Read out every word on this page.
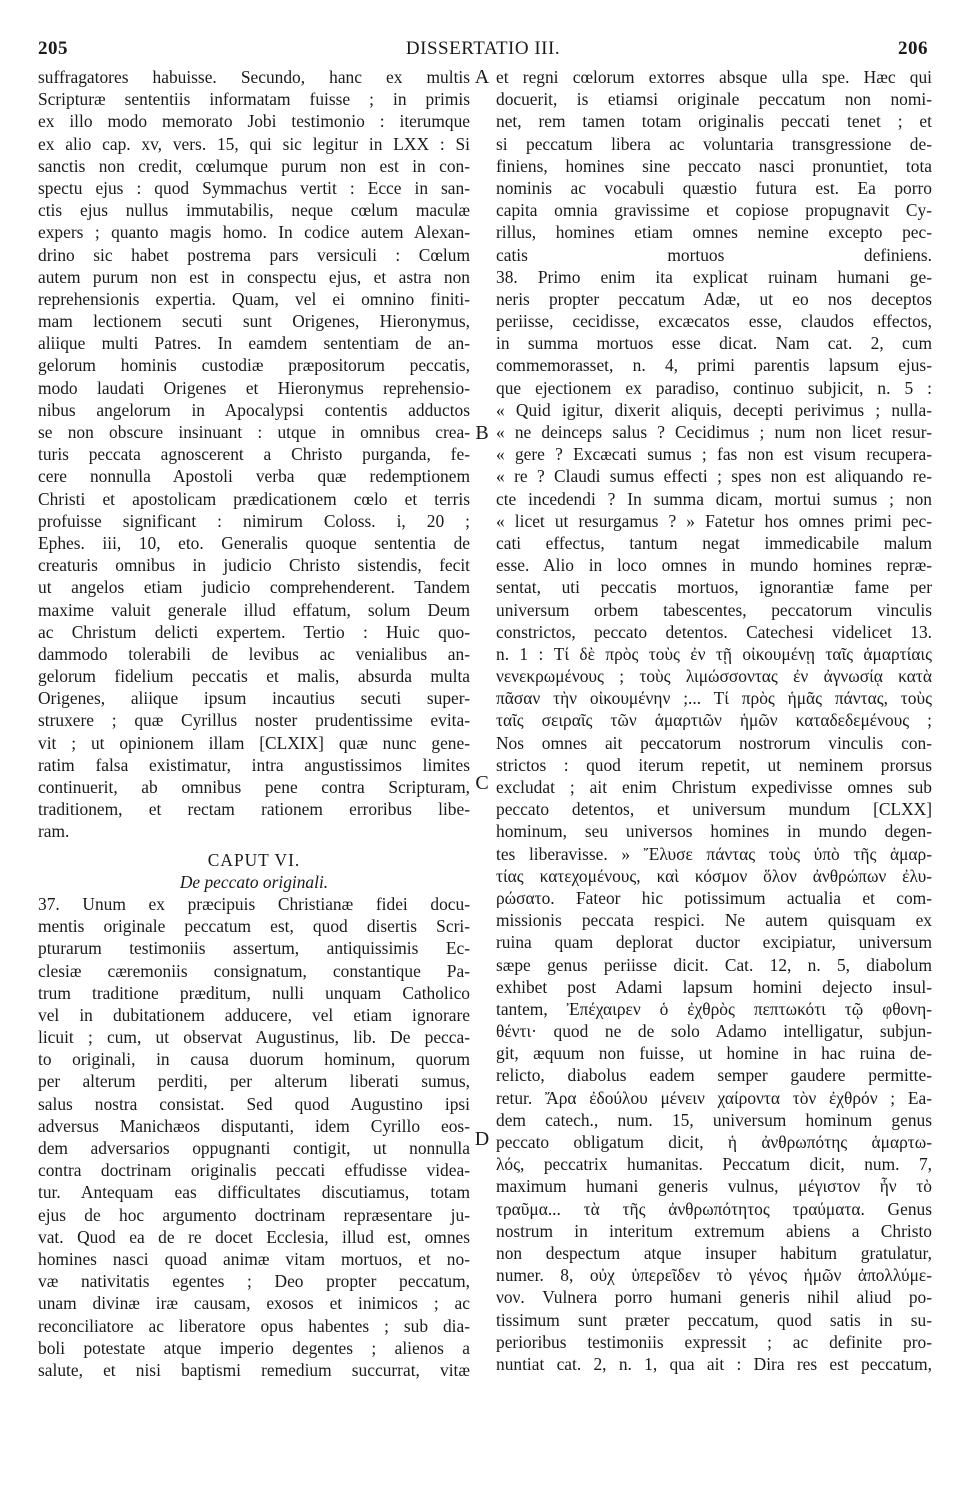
205	DISSERTATIO III.	206
suffragatores habuisse. Secundo, hanc ex multis
Scripturæ sententiis informatam fuisse ; in primis
ex illo modo memorato Jobi testimonio : iterumque
ex alio cap. xv, vers. 15, qui sic legitur in LXX : Si
sanctis non credit, cœlumque purum non est in con-
spectu ejus : quod Symmachus vertit : Ecce in san-
ctis ejus nullus immutabilis, neque cœlum maculæ
expers ; quanto magis homo. In codice autem Alexan-
drino sic habet postrema pars versiculi : Cœlum
autem purum non est in conspectu ejus, et astra non
reprehensionis expertia. Quam, vel ei omnino finiti-
mam lectionem secuti sunt Origenes, Hieronymus,
aliique multi Patres. In eamdem sententiam de an-
gelorum hominis custodiæ præpositorum peccatis,
modo laudati Origenes et Hieronymus reprehensio-
nibus angelorum in Apocalypsi contentis adductos
se non obscure insinuant : utque in omnibus crea-
turis peccata agnoscerent a Christo purganda, fe-
cere nonnulla Apostoli verba quæ redemptionem
Christi et apostolicam prædicationem cœlo et terris
profuisse significant : nimirum Coloss. i, 20 ;
Ephes. iii, 10, eto. Generalis quoque sententia de
creaturis omnibus in judicio Christo sistendis, fecit
ut angelos etiam judicio comprehenderent. Tandem
maxime valuit generale illud effatum, solum Deum
ac Christum delicti expertem. Tertio : Huic quo-
dammodo tolerabili de levibus ac venialibus an-
gelorum fidelium peccatis et malis, absurda multa
Origenes, aliique ipsum incautius secuti super-
struxere ; quæ Cyrillus noster prudentissime evita-
vit ; ut opinionem illam [CLXIX] quæ nunc gene-
ratim falsa existimatur, intra angustissimos limites
continuerit, ab omnibus pene contra Scripturam,
traditionem, et rectam rationem erroribus libe-
ram.
CAPUT VI.
De peccato originali.
37. Unum ex præcipuis Christianæ fidei docu-
mentis originale peccatum est, quod disertis Scri-
pturarum testimoniis assertum, antiquissimis Ec-
clesiæ cæremoniis consignatum, constantique Pa-
trum traditione præditum, nulli unquam Catholico
vel in dubitationem adducere, vel etiam ignorare
licuit ; cum, ut observat Augustinus, lib. De pecca-
to originali, in causa duorum hominum, quorum
per alterum perditi, per alterum liberati sumus,
salus nostra consistat. Sed quod Augustino ipsi
adversus Manichæos disputanti, idem Cyrillo eos-
dem adversarios oppugnanti contigit, ut nonnulla
contra doctrinam originalis peccati effudisse videa-
tur. Antequam eas difficultates discutiamus, totam
ejus de hoc argumento doctrinam repræsentare ju-
vat. Quod ea de re docet Ecclesia, illud est, omnes
homines nasci quoad animæ vitam mortuos, et no-
væ nativitatis egentes ; Deo propter peccatum,
unam divinæ iræ causam, exosos et inimicos ; ac
reconciliatore ac liberatore opus habentes ; sub dia-
boli potestate atque imperio degentes ; alienos a
salute, et nisi baptismi remedium succurrat, vitæ
et regni cœlorum extorres absque ulla spe. Hæc qui
docuerit, is etiamsi originale peccatum non nomi-
net, rem tamen totam originalis peccati tenet ; et
si peccatum libera ac voluntaria transgressione de-
finiens, homines sine peccato nasci pronuntiet, tota
nominis ac vocabuli quæstio futura est. Ea porro
capita omnia gravissime et copiose propugnavit Cy-
rillus, homines etiam omnes nemine excepto pec-
catis mortuos definiens.
38. Primo enim ita explicat ruinam humani ge-
neris propter peccatum Adæ, ut eo nos deceptos
periisse, cecidisse, excæcatos esse, claudos effectos,
in summa mortuos esse dicat. Nam cat. 2, cum
commemorasset, n. 4, primi parentis lapsum ejus-
que ejectionem ex paradiso, continuo subjicit, n. 5 :
« Quid igitur, dixerit aliquis, decepti perivimus ; nulla-
« ne deinceps salus ? Cecidimus ; num non licet resur-
« gere ? Excæcati sumus ; fas non est visum recupera-
« re ? Claudi sumus effecti ; spes non est aliquando re-
cte incedendi ? In summa dicam, mortui sumus ; non
« licet ut resurgamus ? » Fatetur hos omnes primi pec-
cati effectus, tantum negat immedicabile malum
esse. Alio in loco omnes in mundo homines repræ-
sentat, uti peccatis mortuos, ignorantiæ fame per
universum orbem tabescentes, peccatorum vinculis
constrictos, peccato detentos. Catechesi videlicet 13.
n. 1 : Τί δὲ πρὸς τοὺς ἐν τῇ οἰκουμένῃ ταῖς ἁμαρτίαις
νενεκρωμένους ; τοὺς λιμώσσοντας ἐν ἀγνωσίᾳ κατὰ
πᾶσαν τὴν οἰκουμένην ;... Τί πρὸς ἡμᾶς πάντας, τοὺς
ταῖς σειραῖς τῶν ἁμαρτιῶν ἡμῶν καταδεδεμένους ;
Nos omnes ait peccatorum nostrorum vinculis con-
strictos : quod iterum repetit, ut neminem prorsus
excludat ; ait enim Christum expedivisse omnes sub
peccato detentos, et universum mundum [CLXX]
hominum, seu universos homines in mundo degen-
tes liberavisse. » Ἔλυσε πάντας τοὺς ὑπὸ τῆς ἁμαρ-
τίας κατεχομένους, καὶ κόσμον ὅλον ἀνθρώπων ἐλυ-
ρώσατο. Fateor hic potissimum actualia et com-
missionis peccata respici. Ne autem quisquam ex
ruina quam deplorat ductor excipiatur, universum
sæpe genus periisse dicit. Cat. 12, n. 5, diabolum
exhibet post Adami lapsum homini dejecto insul-
tantem, Ἐπέχαιρεν ὁ ἐχθρὸς πεπτωκότι τῷ φθονη-
θέντι· quod ne de solo Adamo intelligatur, subjun-
git, æquum non fuisse, ut homine in hac ruina de-
relicto, diabolus eadem semper gaudere permitte-
retur. Ἄρα ἐδούλου μένειν χαίροντα τὸν ἐχθρόν ; Ea-
dem catech., num. 15, universum hominum genus
peccato obligatum dicit, ἡ ἀνθρωπότης ἁμαρτω-
λός, peccatrix humanitas. Peccatum dicit, num. 7,
maximum humani generis vulnus, μέγιστον ἦν τὸ
τραῦμα... τὰ τῆς ἀνθρωπότητος τραύματα. Genus
nostrum in interitum extremum abiens a Christo
non despectum atque insuper habitum gratulatur,
numer. 8, οὐχ ὑπερεῖδεν τὸ γένος ἡμῶν ἀπολλύμε-
νον. Vulnera porro humani generis nihil aliud po-
tissimum sunt præter peccatum, quod satis in su-
perioribus testimoniis expressit ; ac definite pro-
nuntiat cat. 2, n. 1, qua ait : Dira res est peccatum,
A
B
C
D
